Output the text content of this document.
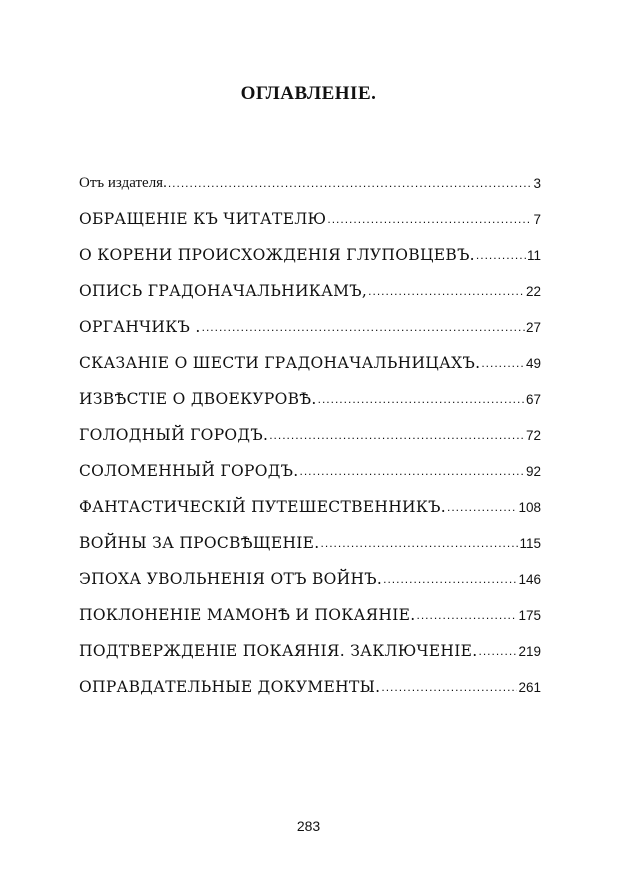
ОГЛАВЛЕНIЕ.
Отъ издателя. .....	3
ОБРАЩЕНIЕ КЪ ЧИТАТЕЛЮ .....	7
О КОРЕНИ ПРОИСХОЖДЕНIЯ ГЛУПОВЦЕВЪ. .....	11
ОПИСЬ ГРАДОНАЧАЛЬНИКАМЪ, .....	22
ОРГАНЧИКЪ . .....	27
СКАЗАНIЕ О ШЕСТИ ГРАДОНАЧАЛЬНИЦАХЪ. .....	49
ИЗВѢСТIЕ О ДВОЕКУРОВѢ. .....	67
ГОЛОДНЫЙ ГОРОДЪ. .....	72
СОЛОМЕННЫЙ ГОРОДЪ. .....	92
ФАНТАСТИЧЕСКIЙ ПУТЕШЕСТВЕННИКЪ. .....	108
ВОЙНЫ ЗА ПРОСВѢЩЕНIЕ. .....	115
ЭПОХА УВОЛЬНЕНIЯ ОТЪ ВОЙНЪ. .....	146
ПОКЛОНЕНIЕ МАМОНѢ И ПОКАЯНIЕ. .....	175
ПОДТВЕРЖДЕНIЕ ПОКАЯНIЯ. ЗАКЛЮЧЕНIЕ. .....	219
ОПРАВДАТЕЛЬНЫЕ ДОКУМЕНТЫ. .....	261
283
